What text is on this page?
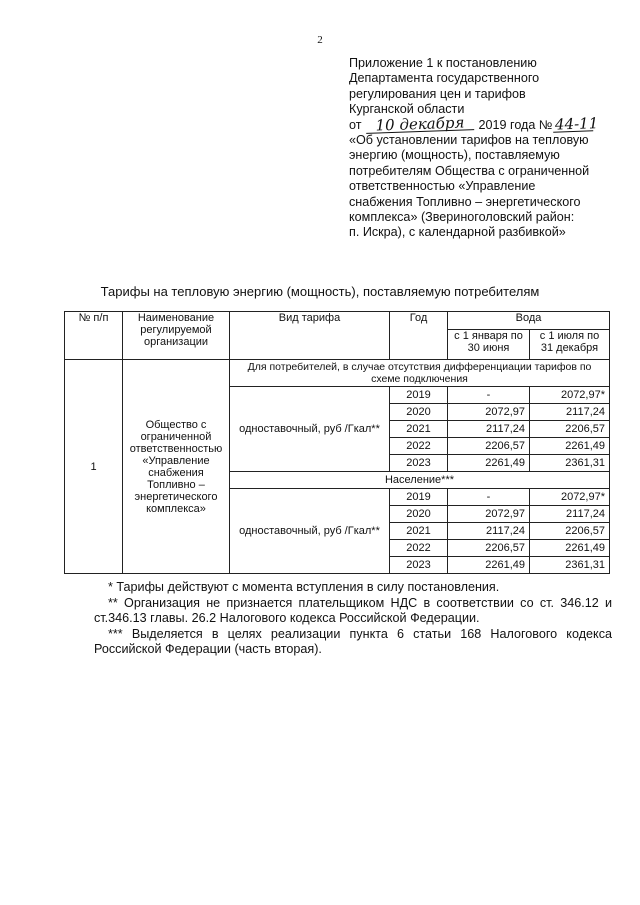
2
Приложение 1 к постановлению
Департамента государственного
регулирования цен и тарифов
Курганской области
от 10 декабря 2019 года № 44-11
«Об установлении тарифов на тепловую
энергию (мощность), поставляемую
потребителям Общества с ограниченной
ответственностью «Управление
снабжения Топливно – энергетического
комплекса» (Звериноголовский район:
п. Искра), с календарной разбивкой»
Тарифы на тепловую энергию (мощность), поставляемую потребителям
№ п/п	Наименование регулируемой организации	Вид тарифа	Год	Вода	
				с 1 января по 30 июня	с 1 июля по 31 декабря
1	Общество с ограниченной ответственностью «Управление снабжения Топливно – энергетического комплекса»	Для потребителей, в случае отсутствия дифференциации тарифов по схеме подключения			
		одноставочный, руб /Гкал**	2019	-	2072,97*
			2020	2072,97	2117,24
			2021	2117,24	2206,57
			2022	2206,57	2261,49
			2023	2261,49	2361,31
		Население***			
		одноставочный, руб /Гкал**	2019	-	2072,97*
			2020	2072,97	2117,24
			2021	2117,24	2206,57
			2022	2206,57	2261,49
			2023	2261,49	2361,31

* Тарифы действуют с момента вступления в силу постановления.

** Организация не признается плательщиком НДС в соответствии со ст. 346.12 и ст.346.13 главы. 26.2 Налогового кодекса Российской Федерации.

*** Выделяется в целях реализации пункта 6 статьи 168 Налогового кодекса Российской Федерации (часть вторая).
